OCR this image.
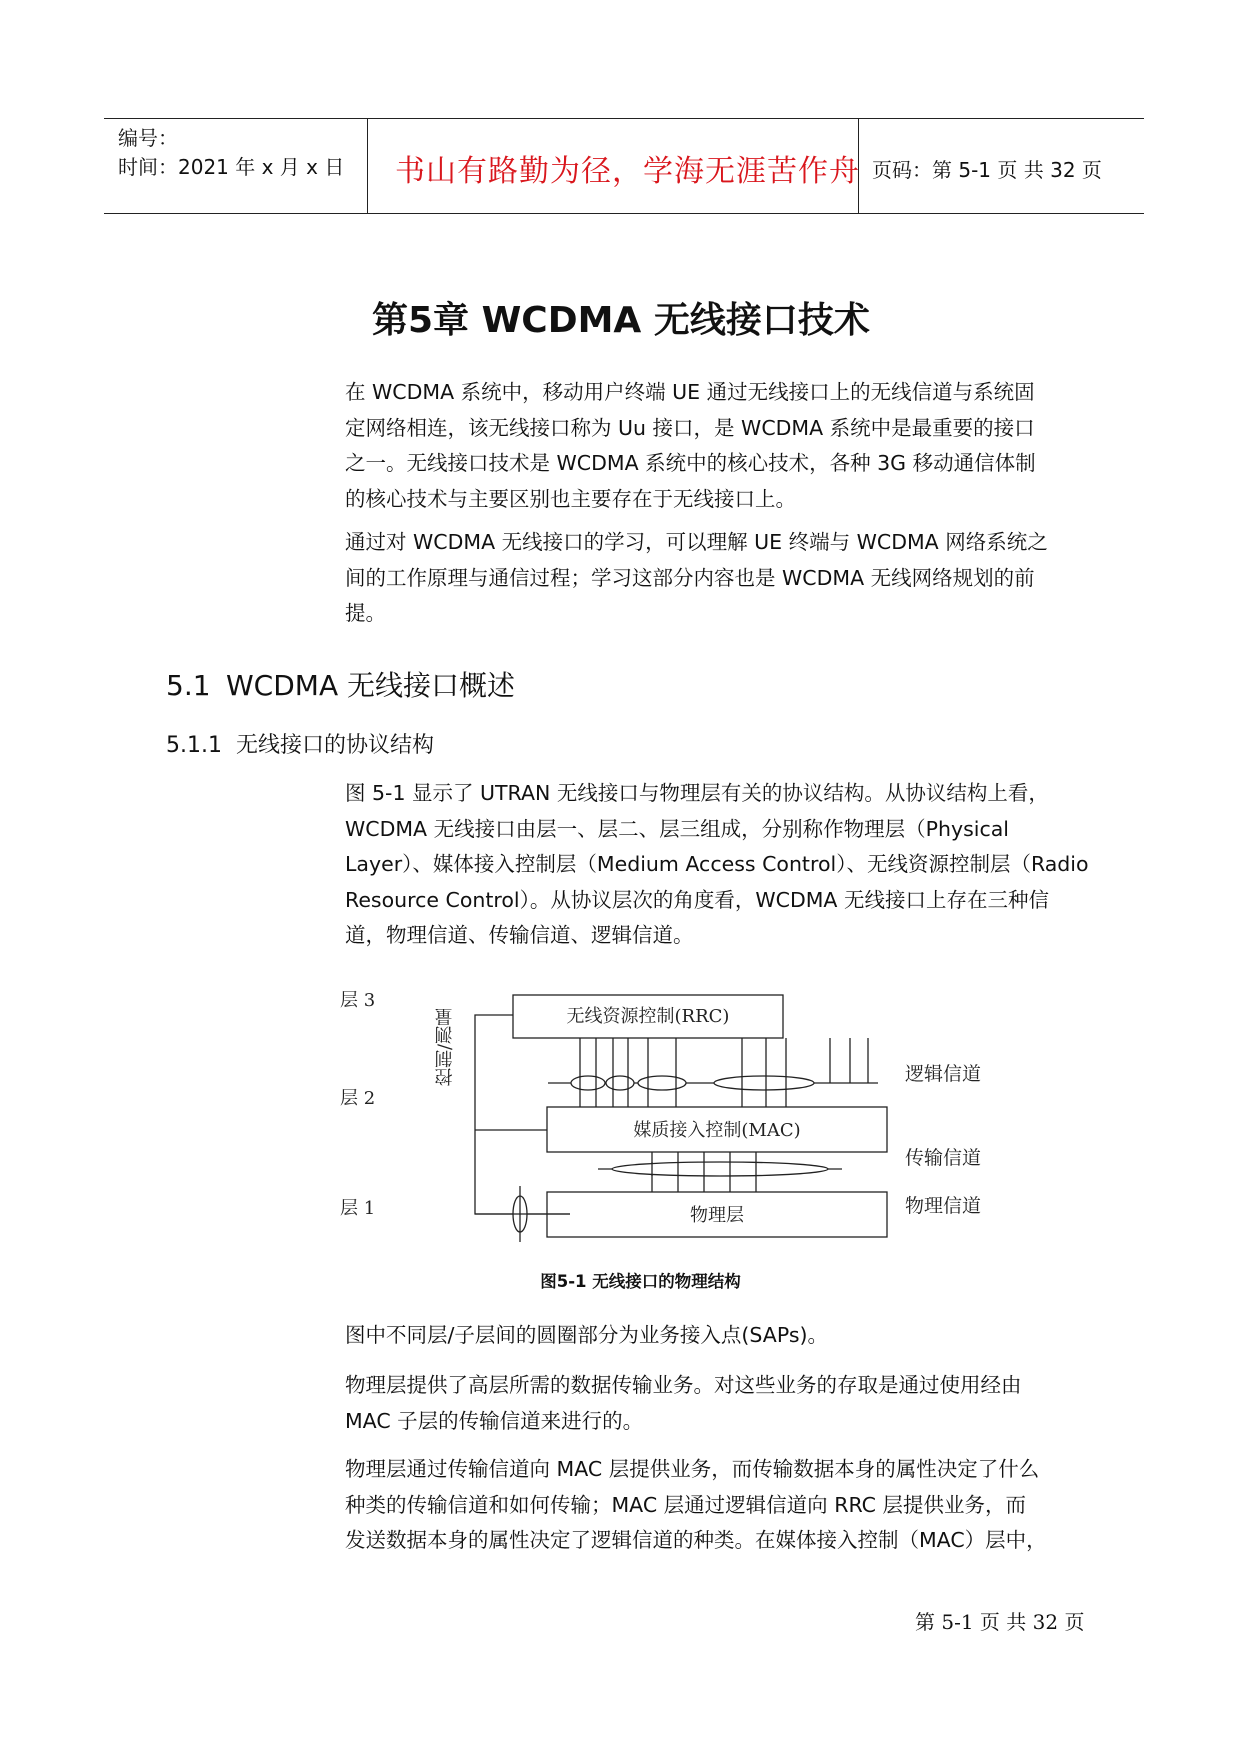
编号：
时间：2021 年 x 月 x 日 书山有路勤为径，学海无涯苦作舟 页码：第 5-1 页 共 32 页
第5章 WCDMA 无线接口技术
在 WCDMA 系统中，移动用户终端 UE 通过无线接口上的无线信道与系统固
定网络相连，该无线接口称为 Uu 接口，是 WCDMA 系统中是最重要的接口
之一。无线接口技术是 WCDMA 系统中的核心技术，各种 3G 移动通信体制
的核心技术与主要区别也主要存在于无线接口上。
通过对 WCDMA 无线接口的学习，可以理解 UE 终端与 WCDMA 网络系统之
间的工作原理与通信过程；学习这部分内容也是 WCDMA 无线网络规划的前
提。
5.1 WCDMA 无线接口概述
5.1.1 无线接口的协议结构
图 5-1 显示了 UTRAN 无线接口与物理层有关的协议结构。从协议结构上看，
WCDMA 无线接口由层一、层二、层三组成，分别称作物理层（Physical
Layer）、媒体接入控制层（Medium Access Control）、无线资源控制层（Radio
Resource Control）。从协议层次的角度看，WCDMA 无线接口上存在三种信
道，物理信道、传输信道、逻辑信道。
层 3
层 2
层 1
控制/测量	无线资源控制(RRC)
媒质接入控制(MAC)
物理层
逻辑信道
传输信道
物理信道
图5-1 无线接口的物理结构
图中不同层/子层间的圆圈部分为业务接入点(SAPs)。
物理层提供了高层所需的数据传输业务。对这些业务的存取是通过使用经由
MAC 子层的传输信道来进行的。
物理层通过传输信道向 MAC 层提供业务，而传输数据本身的属性决定了什么
种类的传输信道和如何传输；MAC 层通过逻辑信道向 RRC 层提供业务，而
发送数据本身的属性决定了逻辑信道的种类。在媒体接入控制（MAC）层中，
第 5-1 页 共 32 页
